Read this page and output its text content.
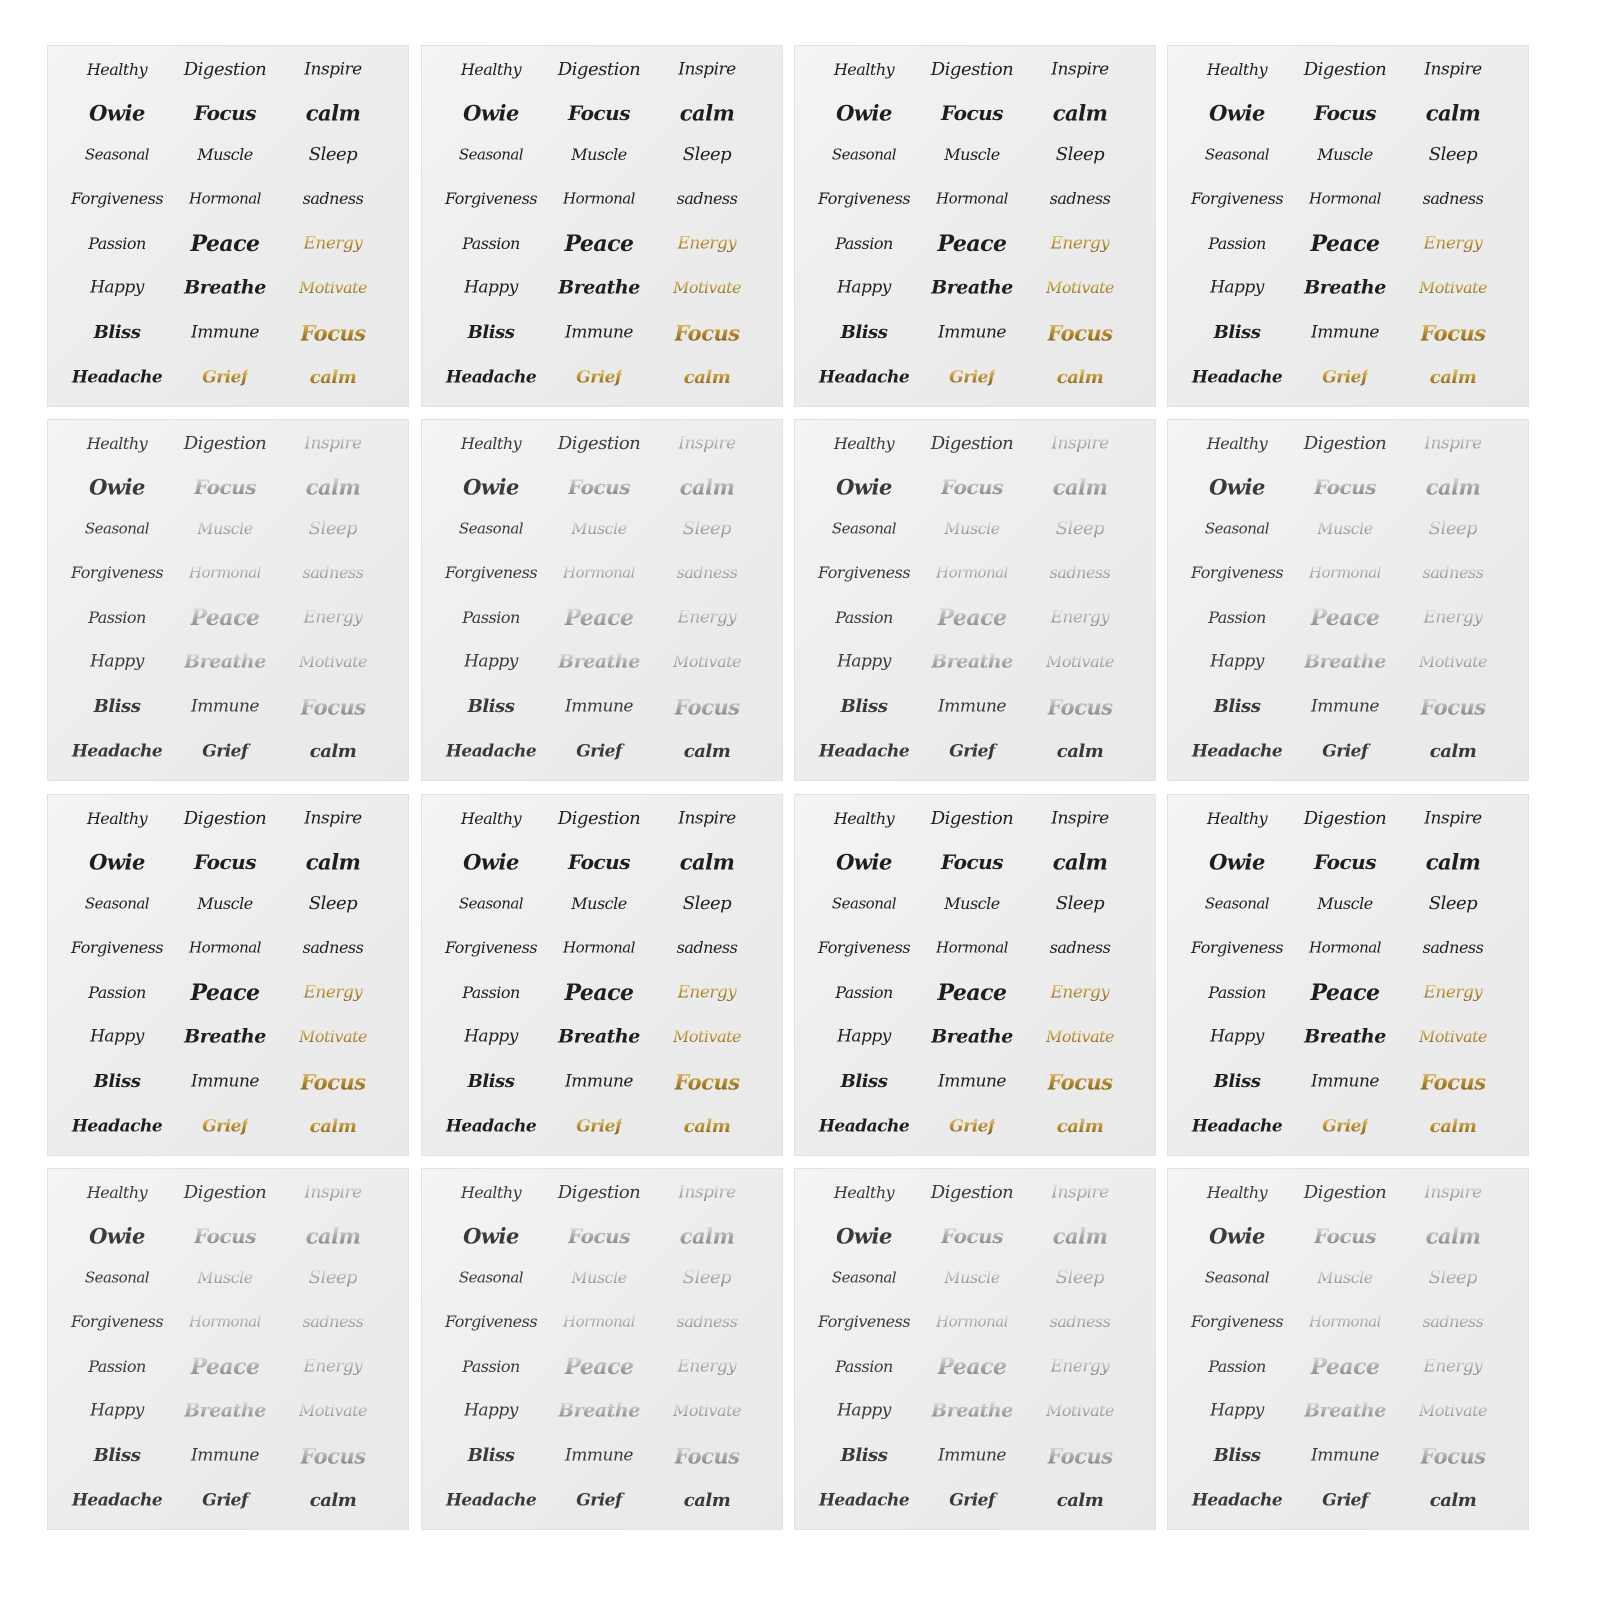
Healthy Digestion Inspire
Owie Focus calm
Seasonal	Muscle	Sleep
Forgiveness Hormonal	sadness
Passion Peace	Energy
Happy Breathe Motivate
Bliss	Immune Focus
Headache Grief	calm
Healthy Digestion Inspire
Owie Focus calm
Seasonal	Muscle	Sleep
Forgiveness Hormonal	sadness
Passion Peace	Energy
Happy Breathe Motivate
Bliss	Immune Focus
Headache Grief	calm
Healthy Digestion Inspire
Owie Focus calm
Seasonal	Muscle	Sleep
Forgiveness Hormonal	sadness
Passion Peace	Energy
Happy Breathe Motivate
Bliss	Immune Focus
Headache Grief	calm
Healthy Digestion Inspire
Owie Focus calm
Seasonal	Muscle	Sleep
Forgiveness Hormonal	sadness
Passion Peace	Energy
Happy Breathe Motivate
Bliss	Immune Focus
Headache Grief	calm
Healthy Digestion Inspire
Owie Focus calm
Seasonal	Muscle	Sleep
Forgiveness Hormonal	sadness
Passion Peace	Energy
Happy Breathe Motivate
Bliss	Immune Focus
Headache Grief	calm
Healthy Digestion Inspire
Owie Focus calm
Seasonal	Muscle	Sleep
Forgiveness Hormonal	sadness
Passion Peace	Energy
Happy Breathe Motivate
Bliss	Immune Focus
Headache Grief	calm
Healthy Digestion Inspire
Owie Focus calm
Seasonal	Muscle	Sleep
Forgiveness Hormonal	sadness
Passion Peace	Energy
Happy Breathe Motivate
Bliss	Immune Focus
Headache Grief	calm
Healthy Digestion Inspire
Owie Focus calm
Seasonal	Muscle	Sleep
Forgiveness Hormonal	sadness
Passion Peace	Energy
Happy Breathe Motivate
Bliss	Immune Focus
Headache Grief	calm
Healthy Digestion Inspire
Owie Focus calm
Seasonal	Muscle	Sleep
Forgiveness Hormonal	sadness
Passion Peace	Energy
Happy Breathe Motivate
Bliss	Immune Focus
Headache Grief	calm
Healthy Digestion Inspire
Owie Focus calm
Seasonal	Muscle	Sleep
Forgiveness Hormonal	sadness
Passion Peace	Energy
Happy Breathe Motivate
Bliss	Immune Focus
Headache Grief	calm
Healthy Digestion Inspire
Owie Focus calm
Seasonal	Muscle	Sleep
Forgiveness Hormonal	sadness
Passion Peace	Energy
Happy Breathe Motivate
Bliss	Immune Focus
Headache Grief	calm
Healthy Digestion Inspire
Owie Focus calm
Seasonal	Muscle	Sleep
Forgiveness Hormonal	sadness
Passion Peace	Energy
Happy Breathe Motivate
Bliss	Immune Focus
Headache Grief	calm
Healthy Digestion Inspire
Owie Focus calm
Seasonal	Muscle	Sleep
Forgiveness Hormonal	sadness
Passion Peace	Energy
Happy Breathe Motivate
Bliss	Immune Focus
Headache Grief	calm
Healthy Digestion Inspire
Owie Focus calm
Seasonal	Muscle	Sleep
Forgiveness Hormonal	sadness
Passion Peace	Energy
Happy Breathe Motivate
Bliss	Immune Focus
Headache Grief	calm
Healthy Digestion Inspire
Owie Focus calm
Seasonal	Muscle	Sleep
Forgiveness Hormonal	sadness
Passion Peace	Energy
Happy Breathe Motivate
Bliss	Immune Focus
Headache Grief	calm
Healthy Digestion Inspire
Owie Focus calm
Seasonal	Muscle	Sleep
Forgiveness Hormonal	sadness
Passion Peace	Energy
Happy Breathe Motivate
Bliss	Immune Focus
Headache Grief	calm
